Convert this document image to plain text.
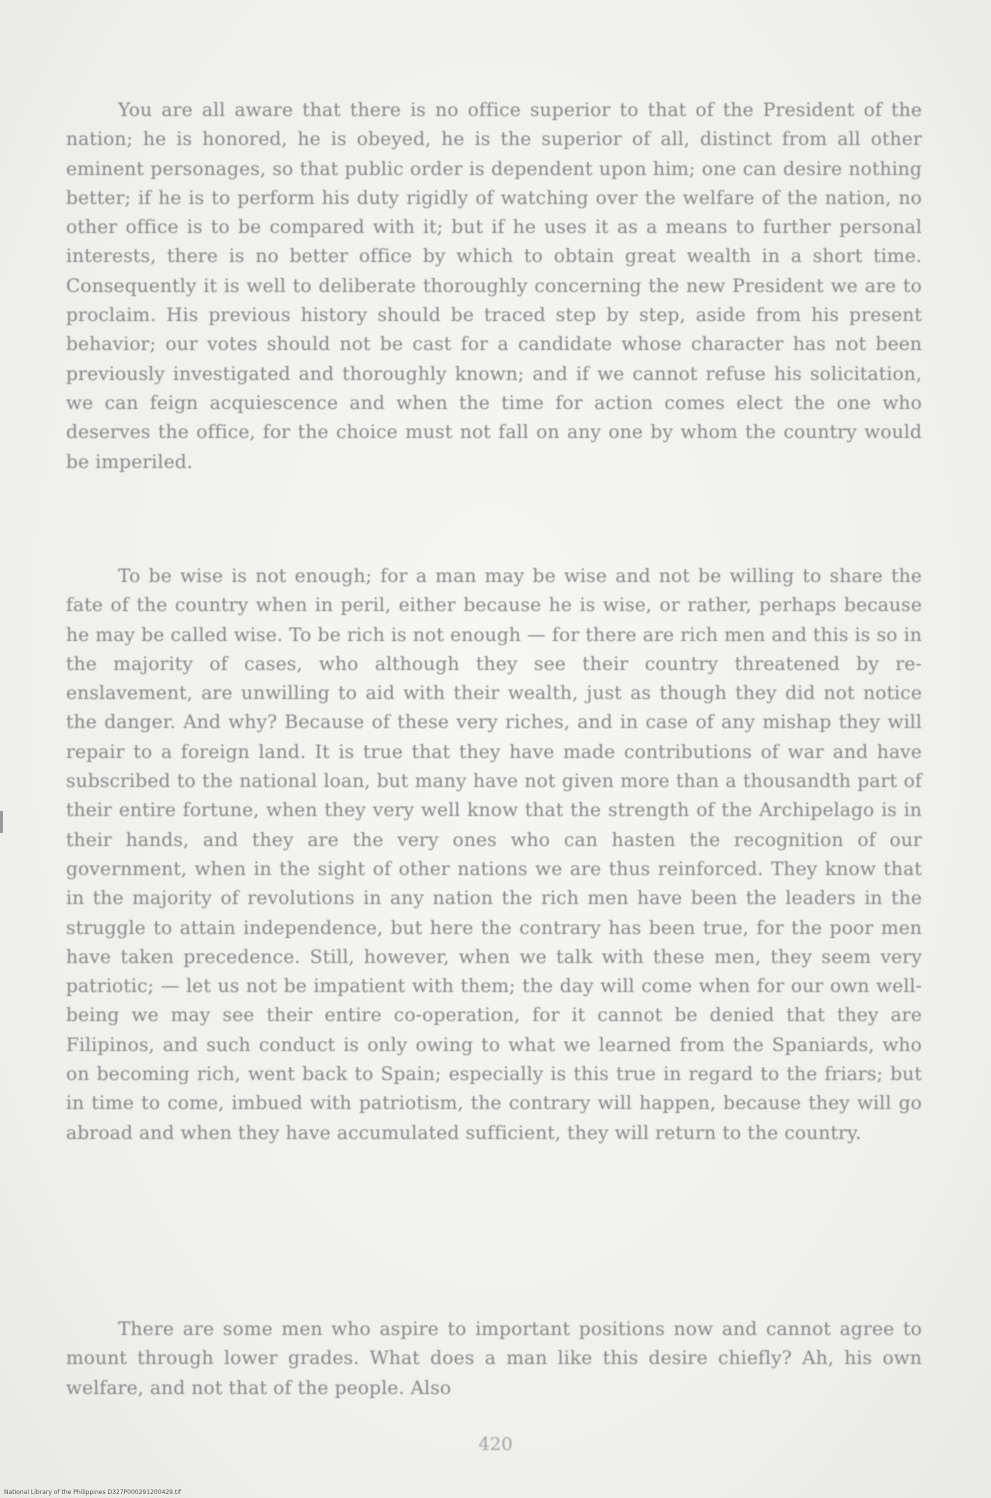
You are all aware that there is no office superior to that of the President of the nation; he is honored, he is obeyed, he is the superior of all, distinct from all other eminent personages, so that public order is dependent upon him; one can desire nothing better; if he is to perform his duty rigidly of watching over the welfare of the nation, no other office is to be compared with it; but if he uses it as a means to further personal interests, there is no better office by which to obtain great wealth in a short time. Consequently it is well to deliberate thoroughly concerning the new President we are to proclaim. His previous history should be traced step by step, aside from his present behavior; our votes should not be cast for a candidate whose character has not been previously investigated and thoroughly known; and if we cannot refuse his solicitation, we can feign acquiescence and when the time for action comes elect the one who deserves the office, for the choice must not fall on any one by whom the country would be imperiled.

To be wise is not enough; for a man may be wise and not be willing to share the fate of the country when in peril, either because he is wise, or rather, perhaps because he may be called wise. To be rich is not enough — for there are rich men and this is so in the majority of cases, who although they see their country threatened by re-enslavement, are unwilling to aid with their wealth, just as though they did not notice the danger. And why? Because of these very riches, and in case of any mishap they will repair to a foreign land. It is true that they have made contributions of war and have subscribed to the national loan, but many have not given more than a thousandth part of their entire fortune, when they very well know that the strength of the Archipelago is in their hands, and they are the very ones who can hasten the recognition of our government, when in the sight of other nations we are thus reinforced. They know that in the majority of revolutions in any nation the rich men have been the leaders in the struggle to attain independence, but here the contrary has been true, for the poor men have taken precedence. Still, however, when we talk with these men, they seem very patriotic; — let us not be impatient with them; the day will come when for our own well-being we may see their entire co-operation, for it cannot be denied that they are Filipinos, and such conduct is only owing to what we learned from the Spaniards, who on becoming rich, went back to Spain; especially is this true in regard to the friars; but in time to come, imbued with patriotism, the contrary will happen, because they will go abroad and when they have accumulated sufficient, they will return to the country.

There are some men who aspire to important positions now and cannot agree to mount through lower grades. What does a man like this desire chiefly? Ah, his own welfare, and not that of the people. Also

420
National Library of the Philippines D327P000291200429.tif
